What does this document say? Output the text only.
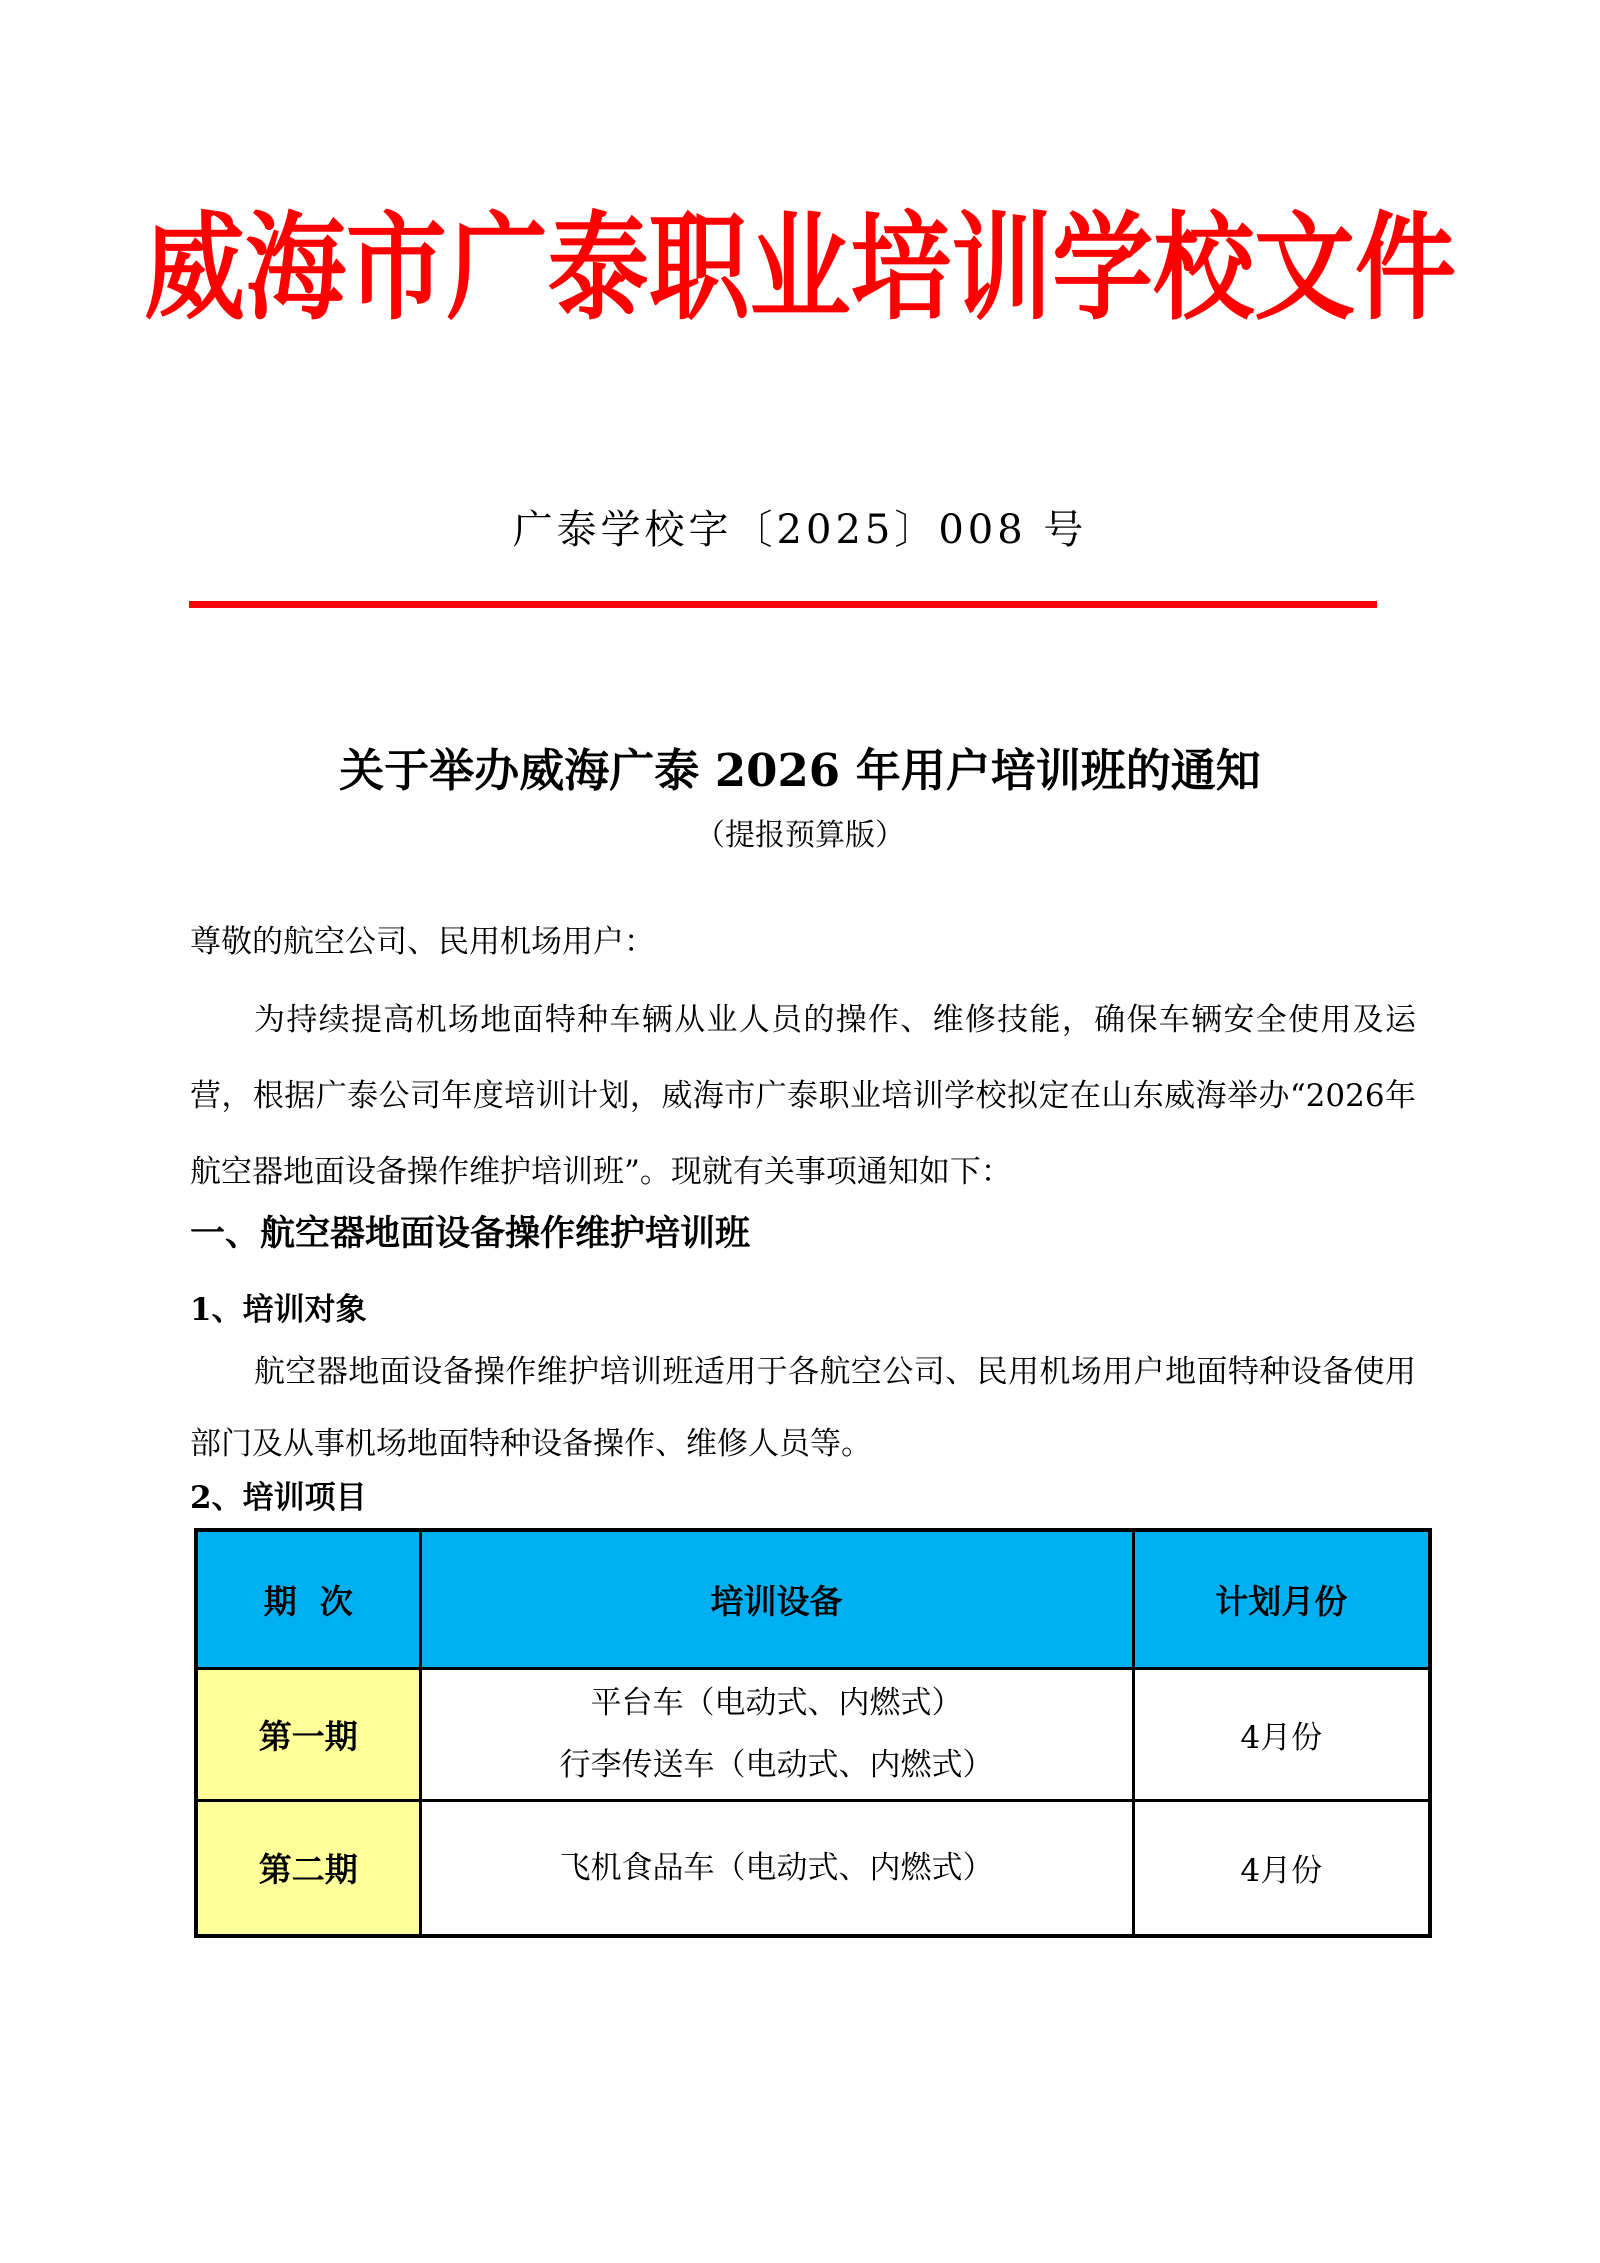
威海市广泰职业培训学校文件
广泰学校字〔2025〕008 号
关于举办威海广泰 2026 年用户培训班的通知
（提报预算版）
尊敬的航空公司、民用机场用户：
为持续提高机场地面特种车辆从业人员的操作、维修技能，确保车辆安全使用及运营，根据广泰公司年度培训计划，威海市广泰职业培训学校拟定在山东威海举办“2026年航空器地面设备操作维护培训班”。现就有关事项通知如下：
一、航空器地面设备操作维护培训班
1、培训对象
航空器地面设备操作维护培训班适用于各航空公司、民用机场用户地面特种设备使用部门及从事机场地面特种设备操作、维修人员等。
2、培训项目
期  次	培训设备	计划月份
第一期	平台车（电动式、内燃式）
行李传送车（电动式、内燃式）	4月份
第二期	飞机食品车（电动式、内燃式）	4月份
